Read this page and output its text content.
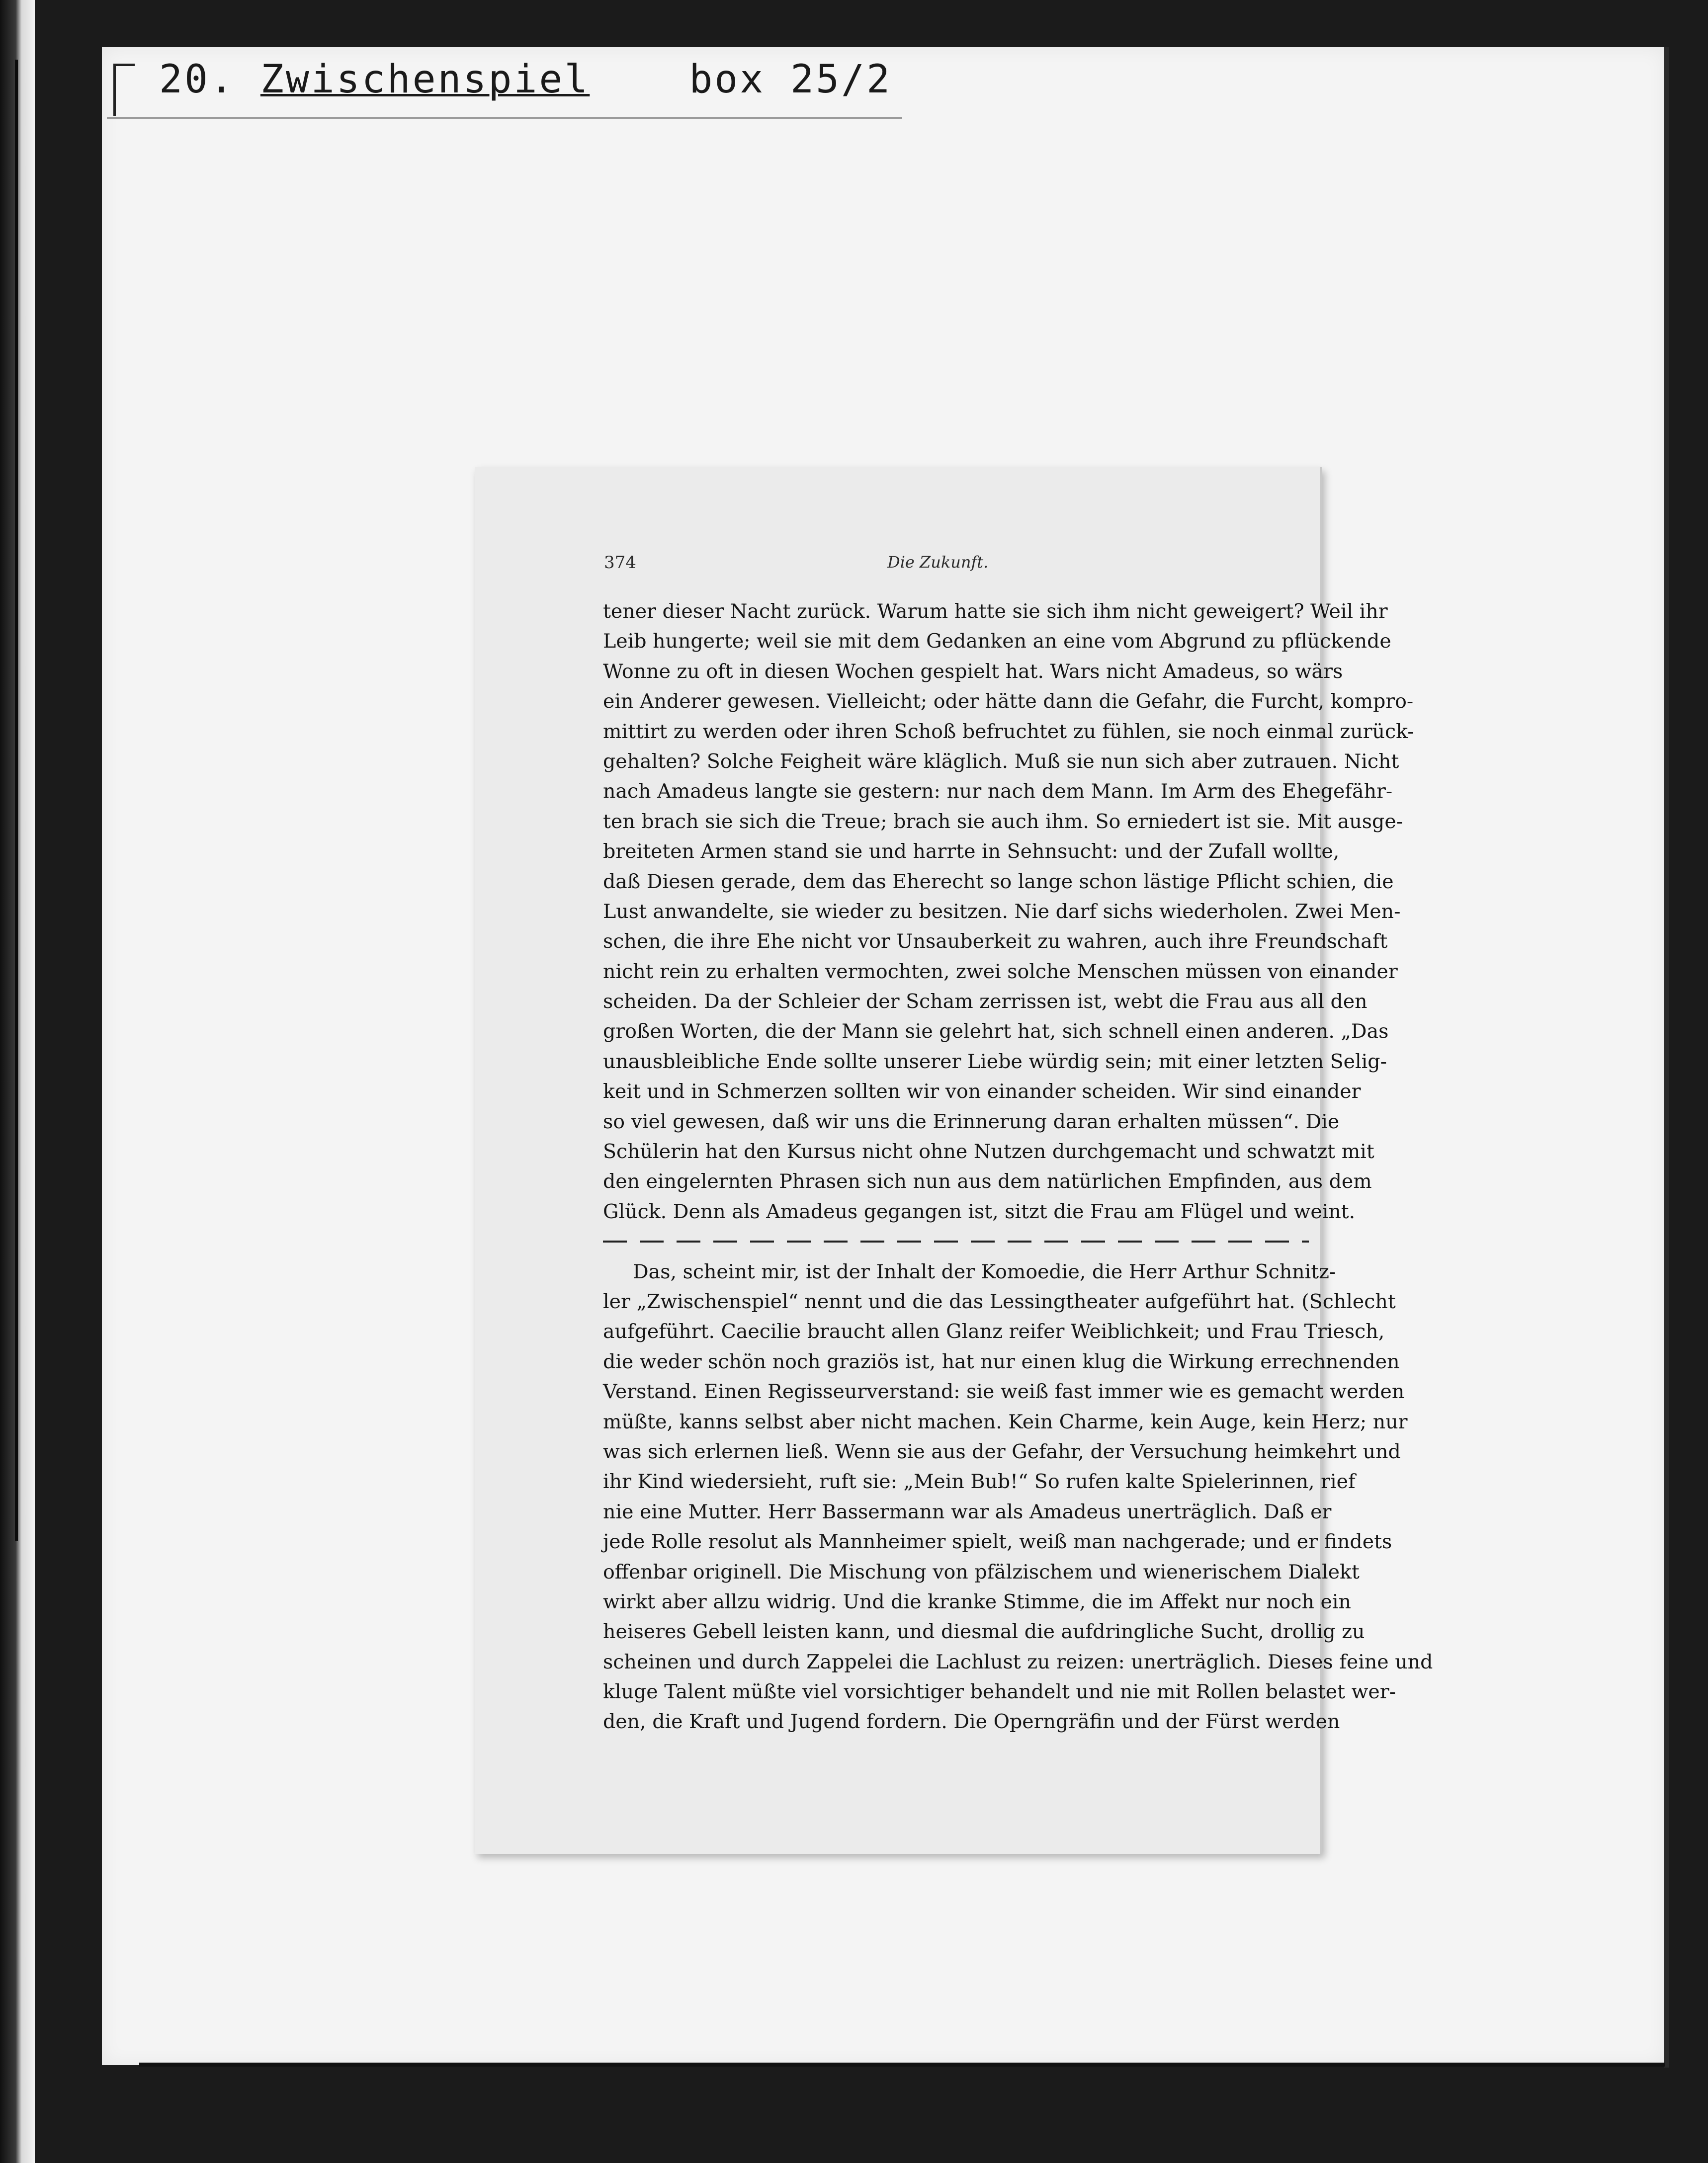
20. Zwischenspiel	box 25/2
374	Die Zukunft.
tener dieser Nacht zurück. Warum hatte sie sich ihm nicht geweigert? Weil ihr
Leib hungerte; weil sie mit dem Gedanken an eine vom Abgrund zu pflückende
Wonne zu oft in diesen Wochen gespielt hat. Wars nicht Amadeus, so wärs
ein Anderer gewesen. Vielleicht; oder hätte dann die Gefahr, die Furcht, kompro-
mittirt zu werden oder ihren Schoß befruchtet zu fühlen, sie noch einmal zurück-
gehalten? Solche Feigheit wäre kläglich. Muß sie nun sich aber zutrauen. Nicht
nach Amadeus langte sie gestern: nur nach dem Mann. Im Arm des Ehegefähr-
ten brach sie sich die Treue; brach sie auch ihm. So erniedert ist sie. Mit ausge-
breiteten Armen stand sie und harrte in Sehnsucht: und der Zufall wollte,
daß Diesen gerade, dem das Eherecht so lange schon lästige Pflicht schien, die
Lust anwandelte, sie wieder zu besitzen. Nie darf sichs wiederholen. Zwei Men-
schen, die ihre Ehe nicht vor Unsauberkeit zu wahren, auch ihre Freundschaft
nicht rein zu erhalten vermochten, zwei solche Menschen müssen von einander
scheiden. Da der Schleier der Scham zerrissen ist, webt die Frau aus all den
großen Worten, die der Mann sie gelehrt hat, sich schnell einen anderen. „Das
unausbleibliche Ende sollte unserer Liebe würdig sein; mit einer letzten Selig-
keit und in Schmerzen sollten wir von einander scheiden. Wir sind einander
so viel gewesen, daß wir uns die Erinnerung daran erhalten müssen“. Die
Schülerin hat den Kursus nicht ohne Nutzen durchgemacht und schwatzt mit
den eingelernten Phrasen sich nun aus dem natürlichen Empfinden, aus dem
Glück. Denn als Amadeus gegangen ist, sitzt die Frau am Flügel und weint.
Das, scheint mir, ist der Inhalt der Komoedie, die Herr Arthur Schnitz-
ler „Zwischenspiel“ nennt und die das Lessingtheater aufgeführt hat. (Schlecht
aufgeführt. Caecilie braucht allen Glanz reifer Weiblichkeit; und Frau Triesch,
die weder schön noch graziös ist, hat nur einen klug die Wirkung errechnenden
Verstand. Einen Regisseurverstand: sie weiß fast immer wie es gemacht werden
müßte, kanns selbst aber nicht machen. Kein Charme, kein Auge, kein Herz; nur
was sich erlernen ließ. Wenn sie aus der Gefahr, der Versuchung heimkehrt und
ihr Kind wiedersieht, ruft sie: „Mein Bub!“ So rufen kalte Spielerinnen, rief
nie eine Mutter. Herr Bassermann war als Amadeus unerträglich. Daß er
jede Rolle resolut als Mannheimer spielt, weiß man nachgerade; und er findets
offenbar originell. Die Mischung von pfälzischem und wienerischem Dialekt
wirkt aber allzu widrig. Und die kranke Stimme, die im Affekt nur noch ein
heiseres Gebell leisten kann, und diesmal die aufdringliche Sucht, drollig zu
scheinen und durch Zappelei die Lachlust zu reizen: unerträglich. Dieses feine und
kluge Talent müßte viel vorsichtiger behandelt und nie mit Rollen belastet wer-
den, die Kraft und Jugend fordern. Die Operngräfin und der Fürst werden
